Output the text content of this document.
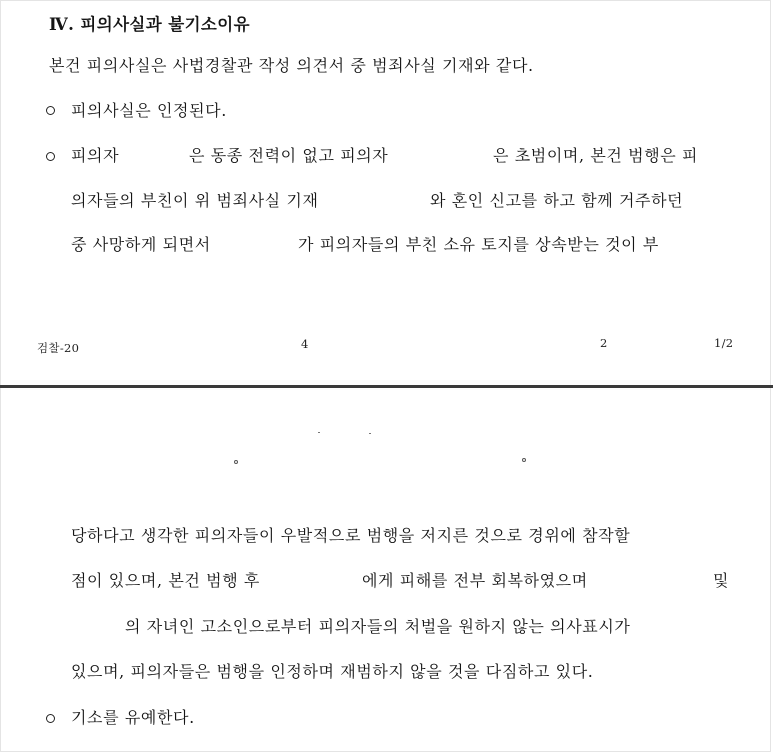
Ⅳ. 피의사실과 불기소이유
본건 피의사실은 사법경찰관 작성 의견서 중 범죄사실 기재와 같다.
피의사실은 인정된다.
피의자	은 동종 전력이 없고 피의자	은 초범이며, 본건 범행은 피
의자들의 부친이 위 범죄사실 기재	와 혼인 신고를 하고 함께 거주하던
중 사망하게 되면서	가 피의자들의 부친 소유 토지를 상속받는 것이 부
검찰-20	4	2	1/2
당하다고 생각한 피의자들이 우발적으로 범행을 저지른 것으로 경위에 참작할
점이 있으며, 본건 범행 후	에게 피해를 전부 회복하였으며	및
의 자녀인 고소인으로부터 피의자들의 처벌을 원하지 않는 의사표시가
있으며, 피의자들은 범행을 인정하며 재범하지 않을 것을 다짐하고 있다.
기소를 유예한다.
